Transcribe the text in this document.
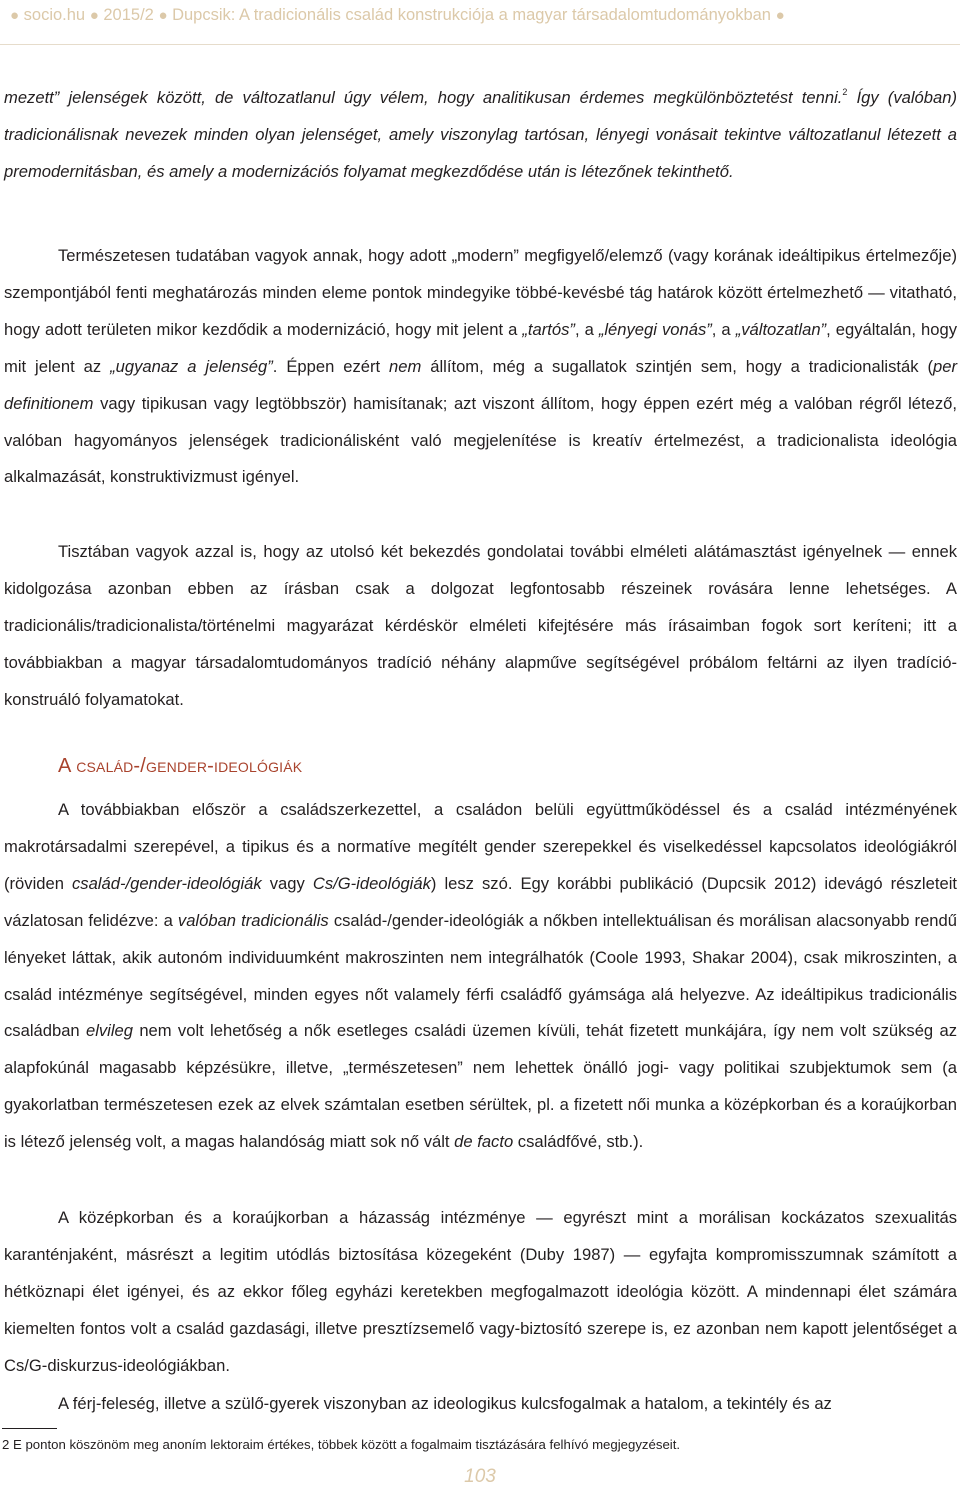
● socio.hu ● 2015/2 ● Dupcsik: A tradicionális család konstrukciója a magyar társadalomtudományokban ●

mezett” jelenségek között, de változatlanul úgy vélem, hogy analitikusan érdemes megkülönböztetést tenni.$^2$ Így (valóban) tradicionálisnak nevezek minden olyan jelenséget, amely viszonylag tartósan, lényegi vonásait tekintve változatlanul létezett a premodernitásban, és amely a modernizációs folyamat megkezdődése után is létezőnek tekinthető.

Természetesen tudatában vagyok annak, hogy adott „modern” megfigyelő/elemző (vagy korának ideáltipikus értelmezője) szempontjából fenti meghatározás minden eleme pontok mindegyike többé-kevésbé tág határok között értelmezhető — vitatható, hogy adott területen mikor kezdődik a modernizáció, hogy mit jelent a „tartós”, a „lényegi vonás”, a „változatlan”, egyáltalán, hogy mit jelent az „ugyanaz a jelenség”. Éppen ezért nem állítom, még a sugallatok szintjén sem, hogy a tradicionalisták (per definitionem vagy tipikusan vagy legtöbbször) hamisítanak; azt viszont állítom, hogy éppen ezért még a valóban régről létező, valóban hagyományos jelenségek tradicionálisként való megjelenítése is kreatív értelmezést, a tradicionalista ideológia alkalmazását, konstruktivizmust igényel.

Tisztában vagyok azzal is, hogy az utolsó két bekezdés gondolatai további elméleti alátámasztást igényelnek — ennek kidolgozása azonban ebben az írásban csak a dolgozat legfontosabb részeinek rovására lenne lehetséges. A tradicionális/tradicionalista/történelmi magyarázat kérdéskör elméleti kifejtésére más írásaimban fogok sort keríteni; itt a továbbiakban a magyar társadalomtudományos tradíció néhány alapműve segítségével próbálom feltárni az ilyen tradíció-konstruáló folyamatokat.

A család-/gender-ideológiák

A továbbiakban először a családszerkezettel, a családon belüli együttműködéssel és a család intézményének makrotársadalmi szerepével, a tipikus és a normatíve megítélt gender szerepekkel és viselkedéssel kapcsolatos ideológiákról (röviden család-/gender-ideológiák vagy Cs/G-ideológiák) lesz szó. Egy korábbi publikáció (Dupcsik 2012) idevágó részleteit vázlatosan felidézve: a valóban tradicionális család-/gender-ideológiák a nőkben intellektuálisan és morálisan alacsonyabb rendű lényeket láttak, akik autonóm individuumként makroszinten nem integrálhatók (Coole 1993, Shakar 2004), csak mikroszinten, a család intézménye segítségével, minden egyes nőt valamely férfi családfő gyámsága alá helyezve. Az ideáltipikus tradicionális családban elvileg nem volt lehetőség a nők esetleges családi üzemen kívüli, tehát fizetett munkájára, így nem volt szükség az alapfokúnál magasabb képzésükre, illetve, „természetesen” nem lehettek önálló jogi- vagy politikai szubjektumok sem (a gyakorlatban természetesen ezek az elvek számtalan esetben sérültek, pl. a fizetett női munka a középkorban és a koraújkorban is létező jelenség volt, a magas halandóság miatt sok nő vált de facto családfővé, stb.).

A középkorban és a koraújkorban a házasság intézménye — egyrészt mint a morálisan kockázatos szexualitás karanténjaként, másrészt a legitim utódlás biztosítása közegeként (Duby 1987) — egyfajta kompromisszumnak számított a hétköznapi élet igényei, és az ekkor főleg egyházi keretekben megfogalmazott ideológia között. A mindennapi élet számára kiemelten fontos volt a család gazdasági, illetve presztízsemelő vagy-biztosító szerepe is, ez azonban nem kapott jelentőséget a Cs/G-diskurzus-ideológiákban.

A férj-feleség, illetve a szülő-gyerek viszonyban az ideologikus kulcsfogalmak a hatalom, a tekintély és az

2 E ponton köszönöm meg anoním lektoraim értékes, többek között a fogalmaim tisztázására felhívó megjegyzéseit.
103
